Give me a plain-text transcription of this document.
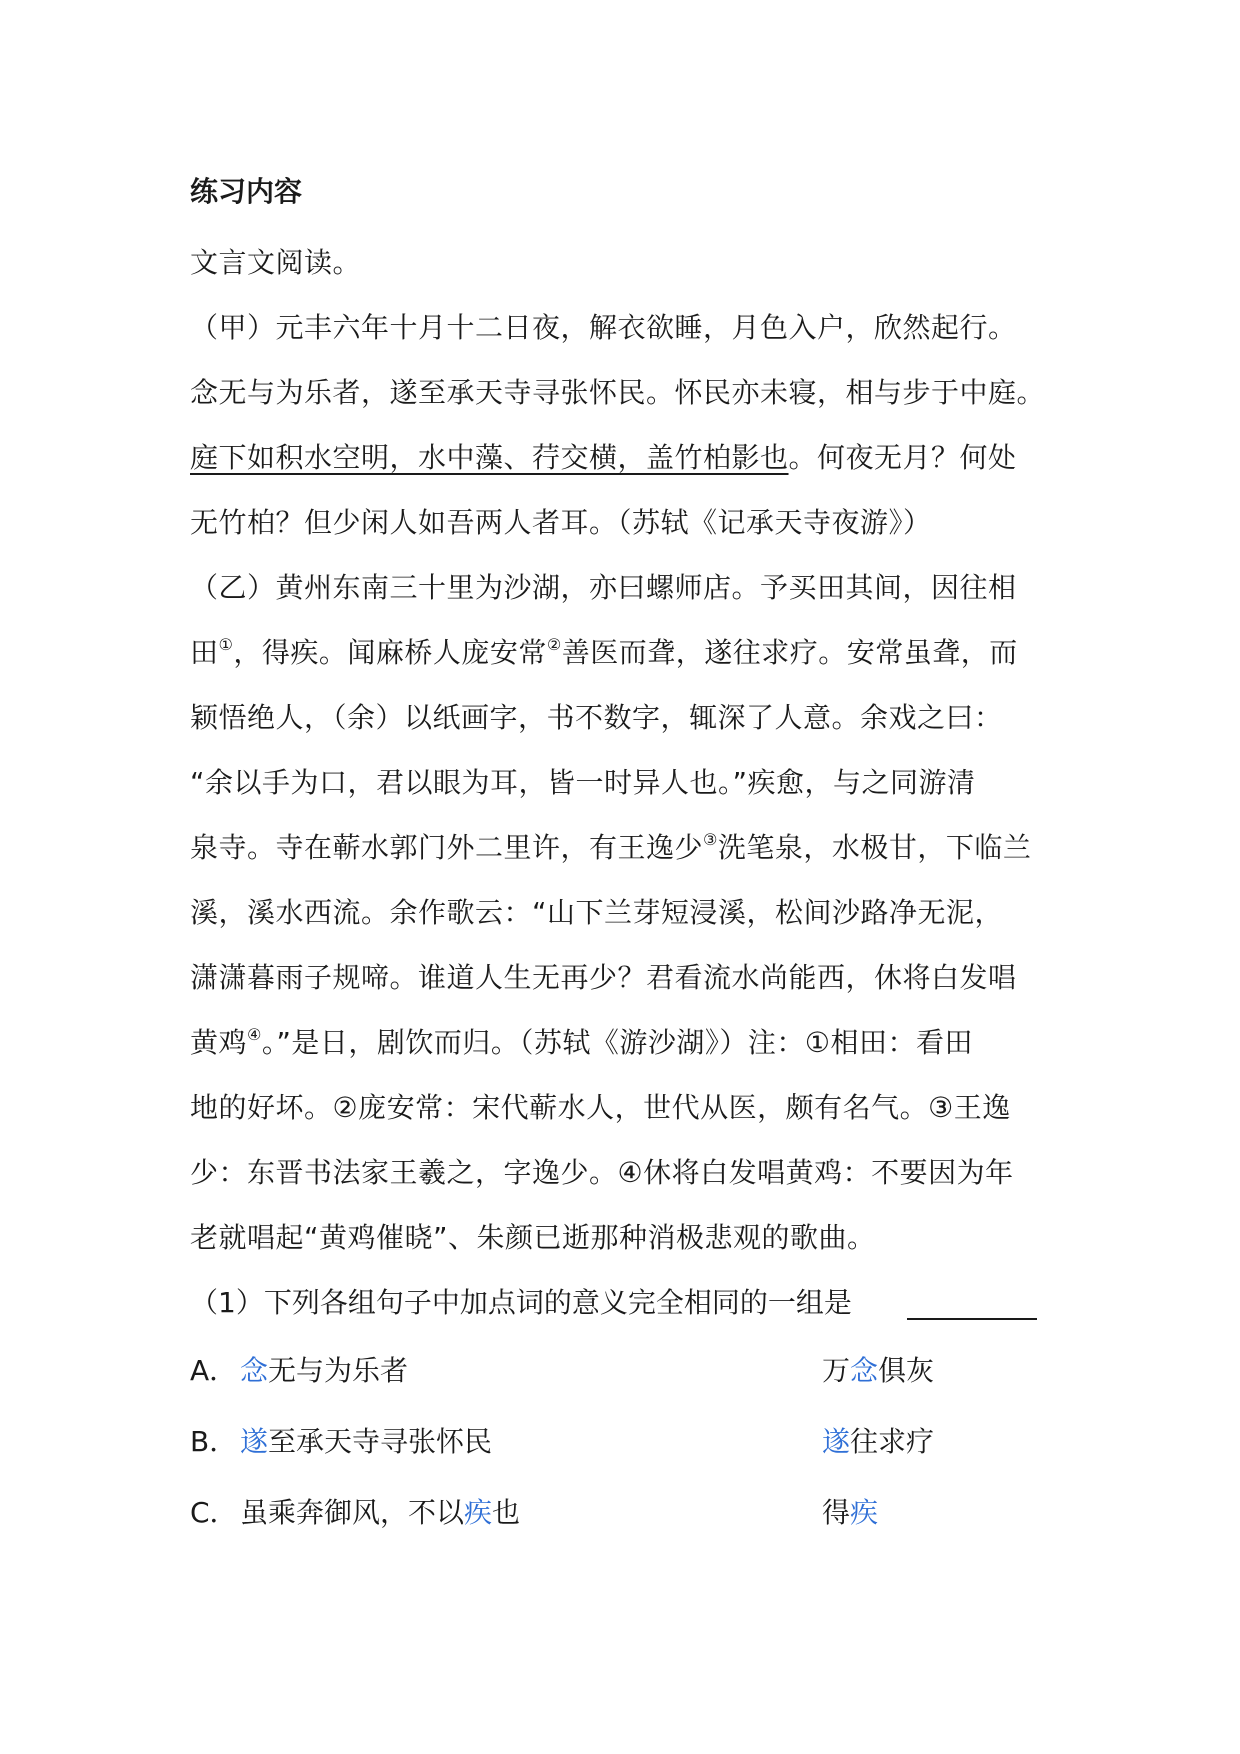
练习内容
文言文阅读。
（甲）元丰六年十月十二日夜，解衣欲睡，月色入户，欣然起行。
念无与为乐者，遂至承天寺寻张怀民。怀民亦未寝，相与步于中庭。
庭下如积水空明，水中藻、荇交横，盖竹柏影也。何夜无月？何处
无竹柏？但少闲人如吾两人者耳。（苏轼《记承天寺夜游》）
（乙）黄州东南三十里为沙湖，亦曰螺师店。予买田其间，因往相
田①，得疾。闻麻桥人庞安常②善医而聋，遂往求疗。安常虽聋，而
颖悟绝人，（余）以纸画字，书不数字，辄深了人意。余戏之曰：
“余以手为口，君以眼为耳，皆一时异人也。”疾愈，与之同游清
泉寺。寺在蕲水郭门外二里许，有王逸少③洗笔泉，水极甘，下临兰
溪，溪水西流。余作歌云：“山下兰芽短浸溪，松间沙路净无泥，
潇潇暮雨子规啼。谁道人生无再少？君看流水尚能西，休将白发唱
黄鸡④。”是日，剧饮而归。（苏轼《游沙湖》）注：①相田：看田
地的好坏。②庞安常：宋代蕲水人，世代从医，颇有名气。③王逸
少：东晋书法家王羲之，字逸少。④休将白发唱黄鸡：不要因为年
老就唱起“黄鸡催晓”、朱颜已逝那种消极悲观的歌曲。
（1）下列各组句子中加点词的意义完全相同的一组是
A． 念无与为乐者	万念俱灰
B．遂至承天寺寻张怀民	遂往求疗
C．虽乘奔御风，不以疾也	得疾
